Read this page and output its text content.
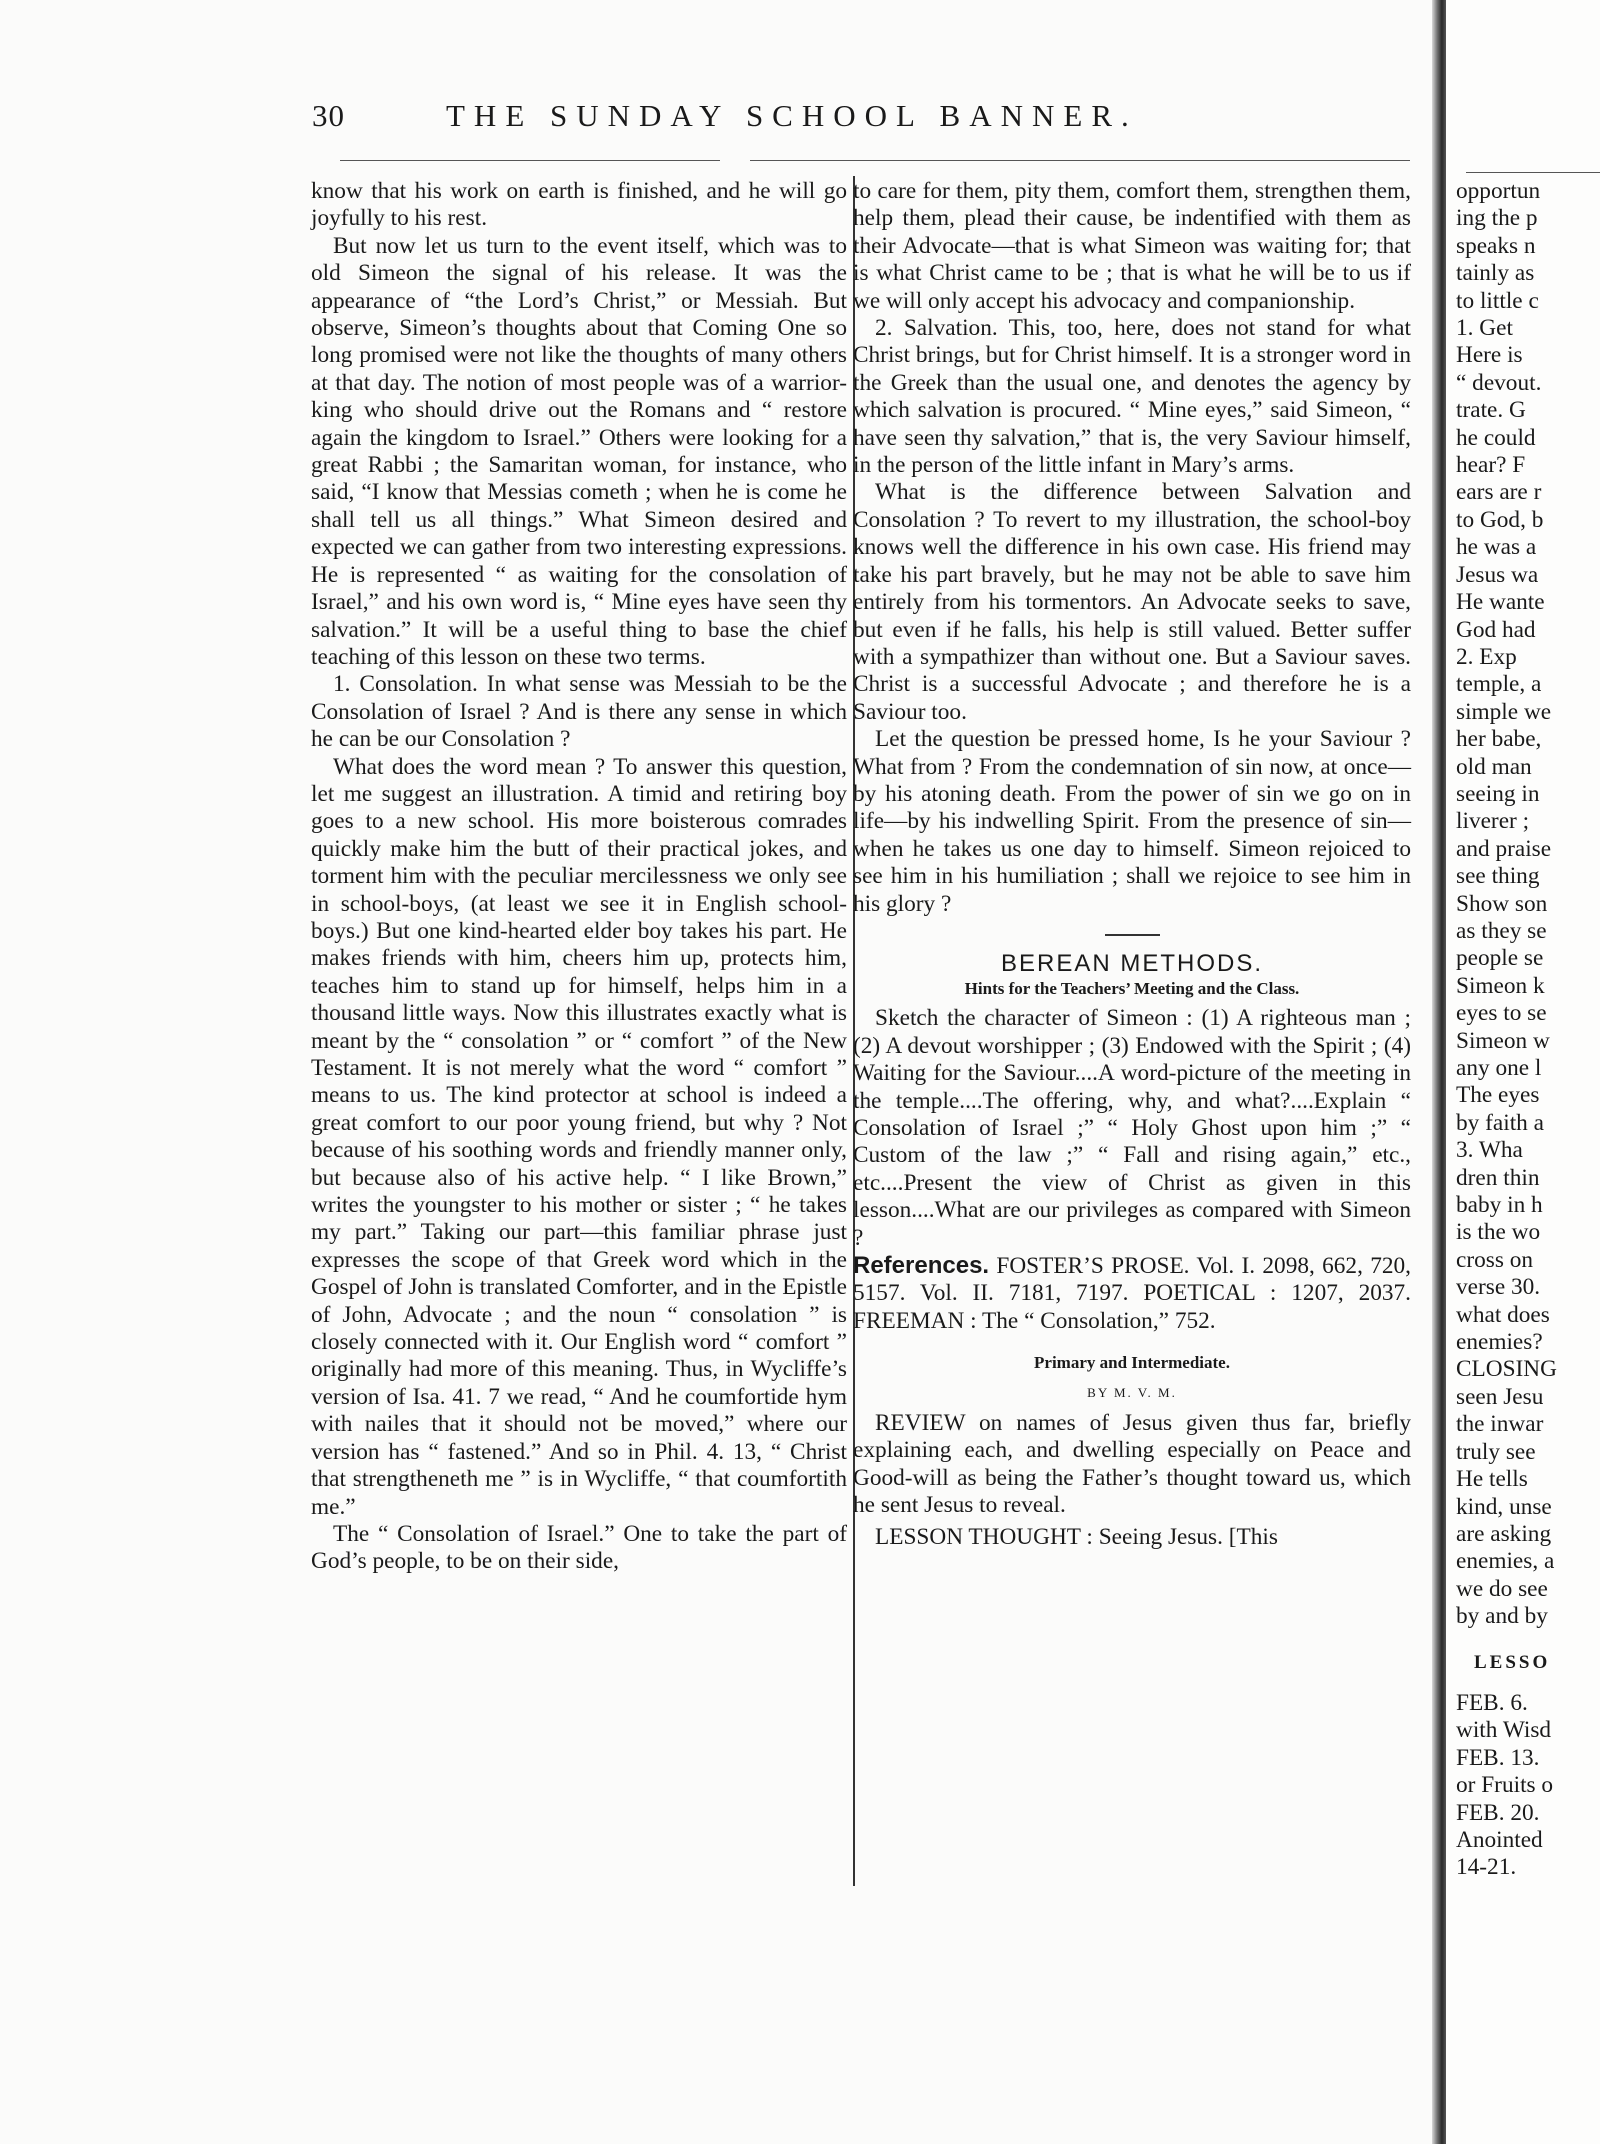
30	THE SUNDAY SCHOOL BANNER.

know that his work on earth is finished, and he will go joyfully to his rest.

But now let us turn to the event itself, which was to old Simeon the signal of his release. It was the appearance of “the Lord’s Christ,” or Messiah. But observe, Simeon’s thoughts about that Coming One so long promised were not like the thoughts of many others at that day. The notion of most people was of a warrior-king who should drive out the Romans and “ restore again the kingdom to Israel.” Others were looking for a great Rabbi ; the Samaritan woman, for instance, who said, “I know that Messias cometh ; when he is come he shall tell us all things.” What Simeon desired and expected we can gather from two interesting expressions. He is represented “ as waiting for the consolation of Israel,” and his own word is, “ Mine eyes have seen thy salvation.” It will be a useful thing to base the chief teaching of this lesson on these two terms.

1. Consolation. In what sense was Messiah to be the Consolation of Israel ? And is there any sense in which he can be our Consolation ?

What does the word mean ? To answer this question, let me suggest an illustration. A timid and retiring boy goes to a new school. His more boisterous comrades quickly make him the butt of their practical jokes, and torment him with the peculiar mercilessness we only see in school-boys, (at least we see it in English school-boys.) But one kind-hearted elder boy takes his part. He makes friends with him, cheers him up, protects him, teaches him to stand up for himself, helps him in a thousand little ways. Now this illustrates exactly what is meant by the “ consolation ” or “ comfort ” of the New Testament. It is not merely what the word “ comfort ” means to us. The kind protector at school is indeed a great comfort to our poor young friend, but why ? Not because of his soothing words and friendly manner only, but because also of his active help. “ I like Brown,” writes the youngster to his mother or sister ; “ he takes my part.” Taking our part—this familiar phrase just expresses the scope of that Greek word which in the Gospel of John is translated Comforter, and in the Epistle of John, Advocate ; and the noun “ consolation ” is closely connected with it. Our English word “ comfort ” originally had more of this meaning. Thus, in Wycliffe’s version of Isa. 41. 7 we read, “ And he coumfortide hym with nailes that it should not be moved,” where our version has “ fastened.” And so in Phil. 4. 13, “ Christ that strengtheneth me ” is in Wycliffe, “ that coumfortith me.”

The “ Consolation of Israel.” One to take the part of God’s people, to be on their side,

to care for them, pity them, comfort them, strengthen them, help them, plead their cause, be indentified with them as their Advocate—that is what Simeon was waiting for; that is what Christ came to be ; that is what he will be to us if we will only accept his advocacy and companionship.

2. Salvation. This, too, here, does not stand for what Christ brings, but for Christ himself. It is a stronger word in the Greek than the usual one, and denotes the agency by which salvation is procured. “ Mine eyes,” said Simeon, “ have seen thy salvation,” that is, the very Saviour himself, in the person of the little infant in Mary’s arms.

What is the difference between Salvation and Consolation ? To revert to my illustration, the school-boy knows well the difference in his own case. His friend may take his part bravely, but he may not be able to save him entirely from his tormentors. An Advocate seeks to save, but even if he falls, his help is still valued. Better suffer with a sympathizer than without one. But a Saviour saves. Christ is a successful Advocate ; and therefore he is a Saviour too.

Let the question be pressed home, Is he your Saviour ? What from ? From the condemnation of sin now, at once—by his atoning death. From the power of sin we go on in life—by his indwelling Spirit. From the presence of sin—when he takes us one day to himself. Simeon rejoiced to see him in his humiliation ; shall we rejoice to see him in his glory ?

BEREAN METHODS.
Hints for the Teachers’ Meeting and the Class.

Sketch the character of Simeon : (1) A righteous man ; (2) A devout worshipper ; (3) Endowed with the Spirit ; (4) Waiting for the Saviour....A word-picture of the meeting in the temple....The offering, why, and what?....Explain “ Consolation of Israel ;” “ Holy Ghost upon him ;” “ Custom of the law ;” “ Fall and rising again,” etc., etc....Present the view of Christ as given in this lesson....What are our privileges as compared with Simeon ?

References. FOSTER’S PROSE. Vol. I. 2098, 662, 720, 5157. Vol. II. 7181, 7197. POETICAL : 1207, 2037. FREEMAN : The “ Consolation,” 752.

Primary and Intermediate.
BY M. V. M.

REVIEW on names of Jesus given thus far, briefly explaining each, and dwelling especially on Peace and Good-will as being the Father’s thought toward us, which he sent Jesus to reveal.

LESSON THOUGHT : Seeing Jesus. [This

opportun
ing the p
speaks n
tainly as
to little c
1. Get
Here is
“ devout.
trate. G
he could
hear? F
ears are r
to God, b
he was a
Jesus wa
He wante
God had
2. Exp
temple, a
simple we
her babe,
old man
seeing in
liverer ;
and praise
see thing
Show son
as they se
people se
Simeon k
eyes to se
Simeon w
any one l
The eyes
by faith a
3. Wha
dren thin
baby in h
is the wo
cross on
verse 30.
what does
enemies?
CLOSING
seen Jesu
the inwar
truly see
He tells
kind, unse
are asking
enemies, a
we do see
by and by
LESSO
FEB. 6.
with Wisd
FEB. 13.
or Fruits o
FEB. 20.
Anointed
14-21.
